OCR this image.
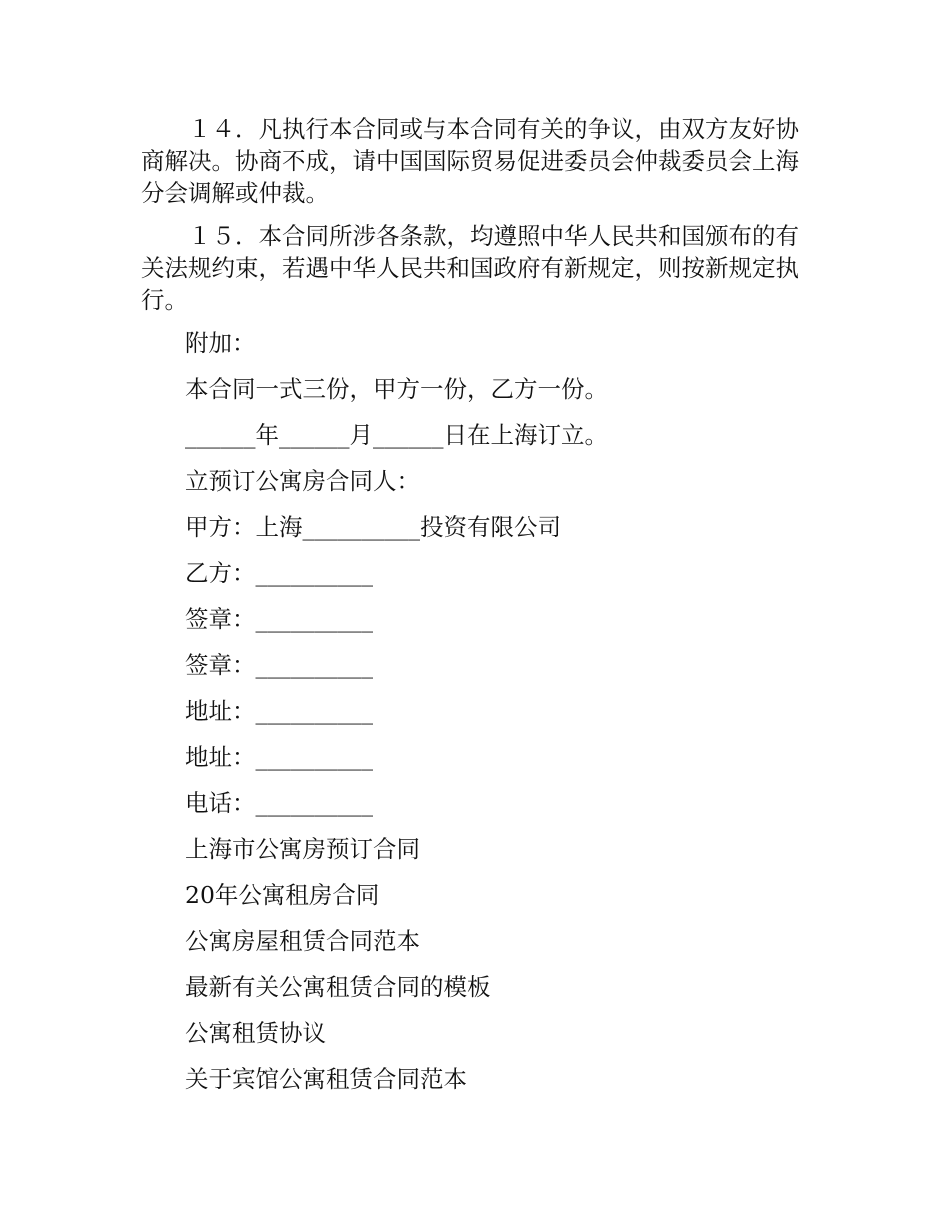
１４．凡执行本合同或与本合同有关的争议，由双方友好协商解决。协商不成，请中国国际贸易促进委员会仲裁委员会上海分会调解或仲裁。

１５．本合同所涉各条款，均遵照中华人民共和国颁布的有关法规约束，若遇中华人民共和国政府有新规定，则按新规定执行。

附加：

本合同一式三份，甲方一份，乙方一份。

______年______月______日在上海订立。

立预订公寓房合同人：

甲方：上海__________投资有限公司

乙方：__________

签章：__________

签章：__________

地址：__________

地址：__________

电话：__________

上海市公寓房预订合同

20年公寓租房合同

公寓房屋租赁合同范本

最新有关公寓租赁合同的模板

公寓租赁协议

关于宾馆公寓租赁合同范本
